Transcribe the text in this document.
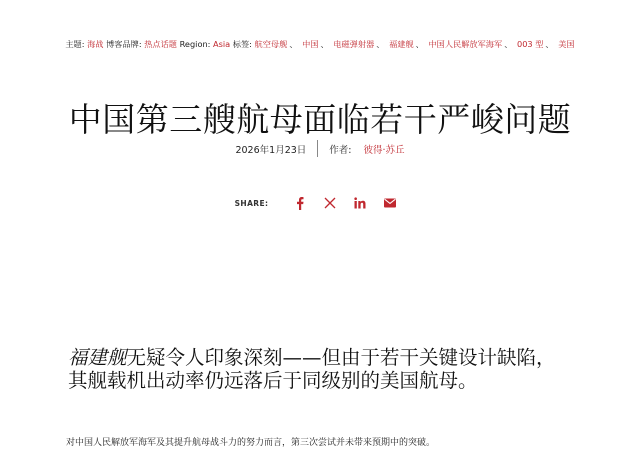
主题: 海战 博客品牌: 热点话题 Region: Asia 标签: 航空母舰 、 中国 、 电磁弹射器 、 福建舰 、 中国人民解放军海军 、 003 型 、 美国
中国第三艘航母面临若干严峻问题
2026年1月23日 作者: 彼得·苏丘
SHARE:

福建舰无疑令人印象深刻——但由于若干关键设计缺陷，其舰载机出动率仍远落后于同级别的美国航母。

对中国人民解放军海军及其提升航母战斗力的努力而言，第三次尝试并未带来预期中的突破。
